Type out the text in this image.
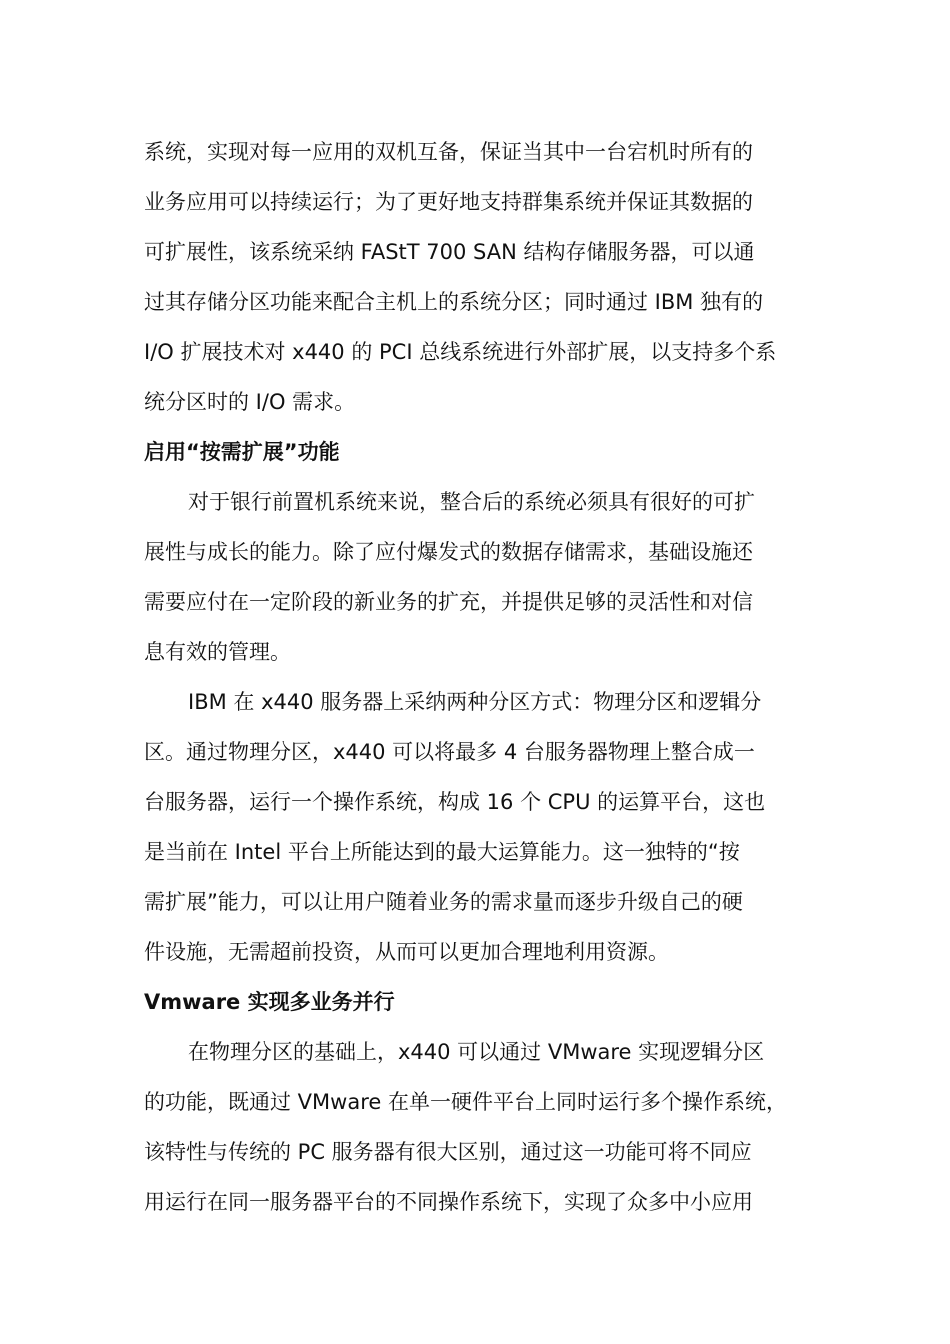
系统，实现对每一应用的双机互备，保证当其中一台宕机时所有的
业务应用可以持续运行；为了更好地支持群集系统并保证其数据的
可扩展性，该系统采纳 FAStT 700 SAN 结构存储服务器，可以通
过其存储分区功能来配合主机上的系统分区；同时通过 IBM 独有的
I/O 扩展技术对 x440 的 PCI 总线系统进行外部扩展，以支持多个系
统分区时的 I/O 需求。
启用“按需扩展”功能
对于银行前置机系统来说，整合后的系统必须具有很好的可扩
展性与成长的能力。除了应付爆发式的数据存储需求，基础设施还
需要应付在一定阶段的新业务的扩充，并提供足够的灵活性和对信
息有效的管理。
IBM 在 x440 服务器上采纳两种分区方式：物理分区和逻辑分
区。通过物理分区，x440 可以将最多 4 台服务器物理上整合成一
台服务器，运行一个操作系统，构成 16 个 CPU 的运算平台，这也
是当前在 Intel 平台上所能达到的最大运算能力。这一独特的“按
需扩展”能力，可以让用户随着业务的需求量而逐步升级自己的硬
件设施，无需超前投资，从而可以更加合理地利用资源。
Vmware 实现多业务并行
在物理分区的基础上，x440 可以通过 VMware 实现逻辑分区
的功能，既通过 VMware 在单一硬件平台上同时运行多个操作系统，
该特性与传统的 PC 服务器有很大区别，通过这一功能可将不同应
用运行在同一服务器平台的不同操作系统下，实现了众多中小应用
